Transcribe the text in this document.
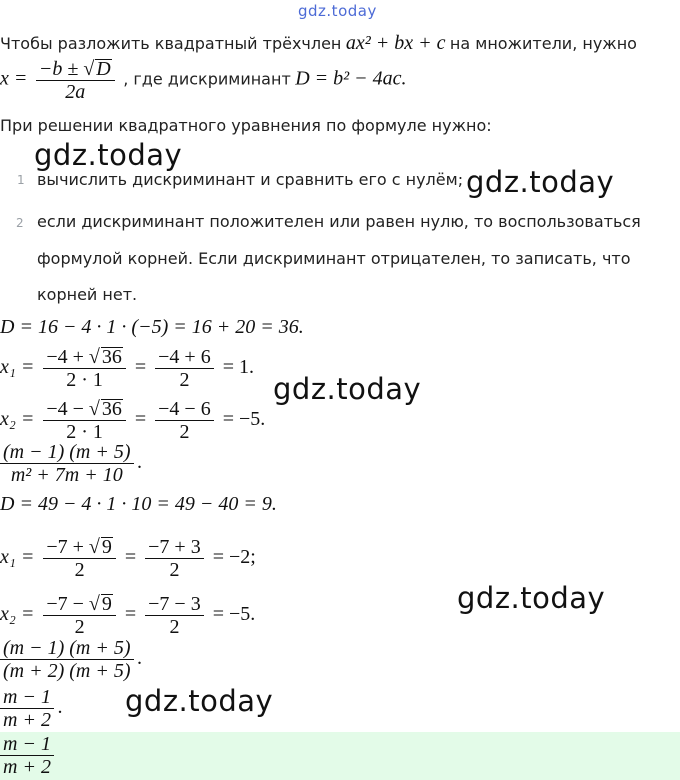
gdz.today
Чтобы разложить квадратный трёхчлен ax² + bx + c на множители, нужно
$x = \frac{-b \pm √ D}{2a}$ , где дискриминант D = b² − 4ac.
При решении квадратного уравнения по формуле нужно:
gdz.today
1 вычислить дискриминант и сравнить его с нулём; gdz.today
2 если дискриминант положителен или равен нулю, то воспользоваться
формулой корней. Если дискриминант отрицателен, то записать, что
корней нет.
D = 16 − 4 · 1 · (−5) = 16 + 20 = 36.
$x_1 = \frac{-4 + √ 36}{2 \cdot 1} = \frac{-4 + 6}{2} = 1$.
gdz.today
$x_2 = \frac{-4 - √ 36}{2 \cdot 1} = \frac{-4 - 6}{2} = -5$.
$\frac{(m - 1) (m + 5)}{\text{m² + 7m + 10}}$ .
D = 49 − 4 · 1 · 10 = 49 − 40 = 9.
$x_1 = \frac{-7 + √ 9}{2} = \frac{-7 + 3}{2} = -2$;
gdz.today
$x_2 = \frac{-7 - √ 9}{2} = \frac{-7 - 3}{2} = -5$.
$\frac{(m - 1) (m + 5)}{(m + 2) (m + 5)}$ .
$\frac{m - 1}{m + 2}$ . gdz.today
$\frac{m - 1}{m + 2}$
